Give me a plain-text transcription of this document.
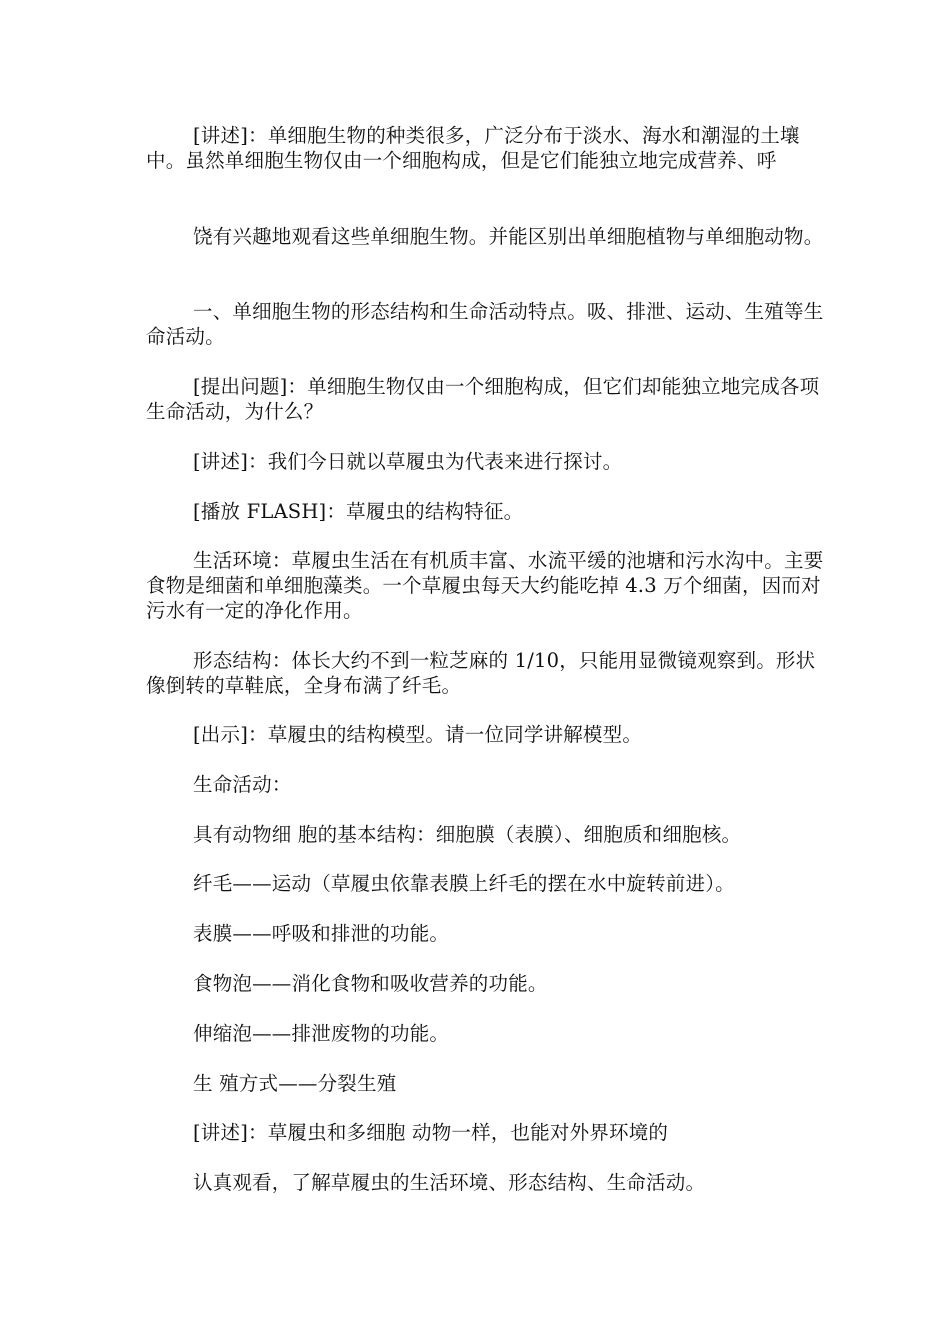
[讲述]：单细胞生物的种类很多，广泛分布于淡水、海水和潮湿的土壤中。虽然单细胞生物仅由一个细胞构成，但是它们能独立地完成营养、呼

饶有兴趣地观看这些单细胞生物。并能区别出单细胞植物与单细胞动物。

一、单细胞生物的形态结构和生命活动特点。吸、排泄、运动、生殖等生命活动。

[提出问题]：单细胞生物仅由一个细胞构成，但它们却能独立地完成各项生命活动，为什么？

[讲述]：我们今日就以草履虫为代表来进行探讨。

[播放 FLASH]：草履虫的结构特征。

生活环境：草履虫生活在有机质丰富、水流平缓的池塘和污水沟中。主要食物是细菌和单细胞藻类。一个草履虫每天大约能吃掉 4.3 万个细菌，因而对污水有一定的净化作用。

形态结构：体长大约不到一粒芝麻的 1/10，只能用显微镜观察到。形状像倒转的草鞋底，全身布满了纤毛。

[出示]：草履虫的结构模型。请一位同学讲解模型。

生命活动：

具有动物细 胞的基本结构：细胞膜（表膜）、细胞质和细胞核。

纤毛——运动（草履虫依靠表膜上纤毛的摆在水中旋转前进）。

表膜——呼吸和排泄的功能。

食物泡——消化食物和吸收营养的功能。

伸缩泡——排泄废物的功能。

生 殖方式——分裂生殖

[讲述]：草履虫和多细胞 动物一样，也能对外界环境的

认真观看，了解草履虫的生活环境、形态结构、生命活动。
